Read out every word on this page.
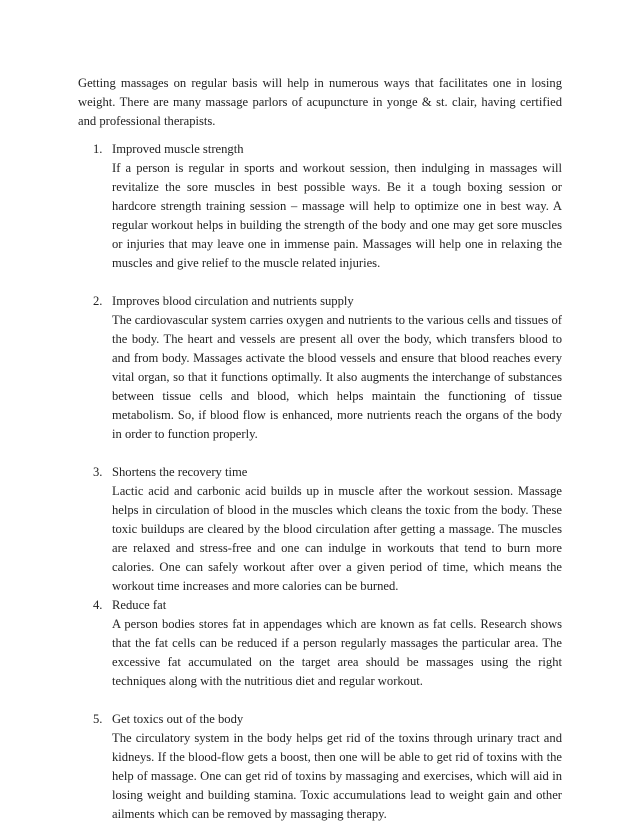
Getting massages on regular basis will help in numerous ways that facilitates one in losing weight. There are many massage parlors of acupuncture in yonge & st. clair, having certified and professional therapists.

1. Improved muscle strength
If a person is regular in sports and workout session, then indulging in massages will revitalize the sore muscles in best possible ways. Be it a tough boxing session or hardcore strength training session – massage will help to optimize one in best way. A regular workout helps in building the strength of the body and one may get sore muscles or injuries that may leave one in immense pain. Massages will help one in relaxing the muscles and give relief to the muscle related injuries.
2. Improves blood circulation and nutrients supply
The cardiovascular system carries oxygen and nutrients to the various cells and tissues of the body. The heart and vessels are present all over the body, which transfers blood to and from body. Massages activate the blood vessels and ensure that blood reaches every vital organ, so that it functions optimally. It also augments the interchange of substances between tissue cells and blood, which helps maintain the functioning of tissue metabolism. So, if blood flow is enhanced, more nutrients reach the organs of the body in order to function properly.
3. Shortens the recovery time
Lactic acid and carbonic acid builds up in muscle after the workout session. Massage helps in circulation of blood in the muscles which cleans the toxic from the body. These toxic buildups are cleared by the blood circulation after getting a massage. The muscles are relaxed and stress-free and one can indulge in workouts that tend to burn more calories. One can safely workout after over a given period of time, which means the workout time increases and more calories can be burned.
4. Reduce fat
A person bodies stores fat in appendages which are known as fat cells. Research shows that the fat cells can be reduced if a person regularly massages the particular area. The excessive fat accumulated on the target area should be massages using the right techniques along with the nutritious diet and regular workout.
5. Get toxics out of the body
The circulatory system in the body helps get rid of the toxins through urinary tract and kidneys. If the blood-flow gets a boost, then one will be able to get rid of toxins with the help of massage. One can get rid of toxins by massaging and exercises, which will aid in losing weight and building stamina. Toxic accumulations lead to weight gain and other ailments which can be removed by massaging therapy.
